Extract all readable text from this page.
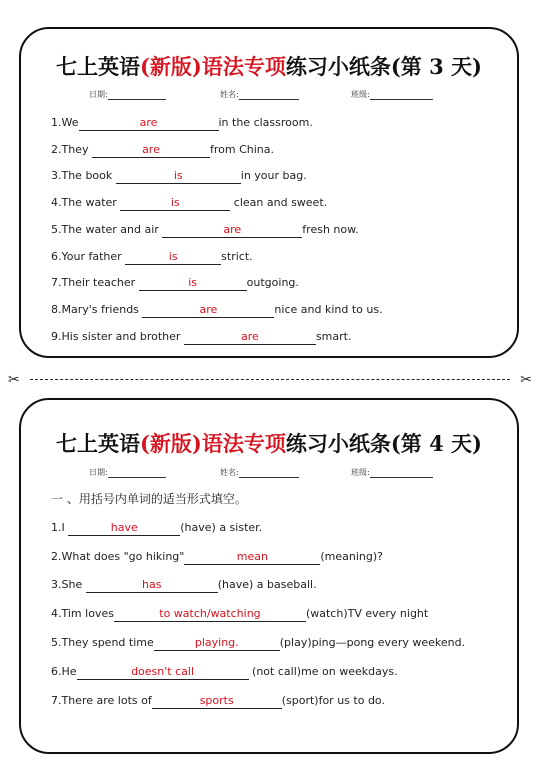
七上英语(新版)语法专项练习小纸条(第 3 天)
日期:	姓名:	班级:
1.We	are	in the classroom.
2.They	are	from China.
3.The book	is	in your bag.
4.The water	is	clean and sweet.
5.The water and air	are	fresh now.
6.Your father	is	strict.
7.Their teacher	is	outgoing.
8.Mary's friends	are	nice and kind to us.
9.His sister and brother	are	smart.
✂	✂
七上英语(新版)语法专项练习小纸条(第 4 天)
日期:	姓名:	班级:
一 、用括号内单词的适当形式填空。
1.I	have	(have) a sister.
2.What does "go hiking"	mean	(meaning)?
3.She	has	(have) a baseball.
4.Tim loves	to watch/watching	(watch)TV every night
5.They spend time	playing.	(play)ping—pong every weekend.
6.He	doesn't call	(not call)me on weekdays.
7.There are lots of	sports	(sport)for us to do.
